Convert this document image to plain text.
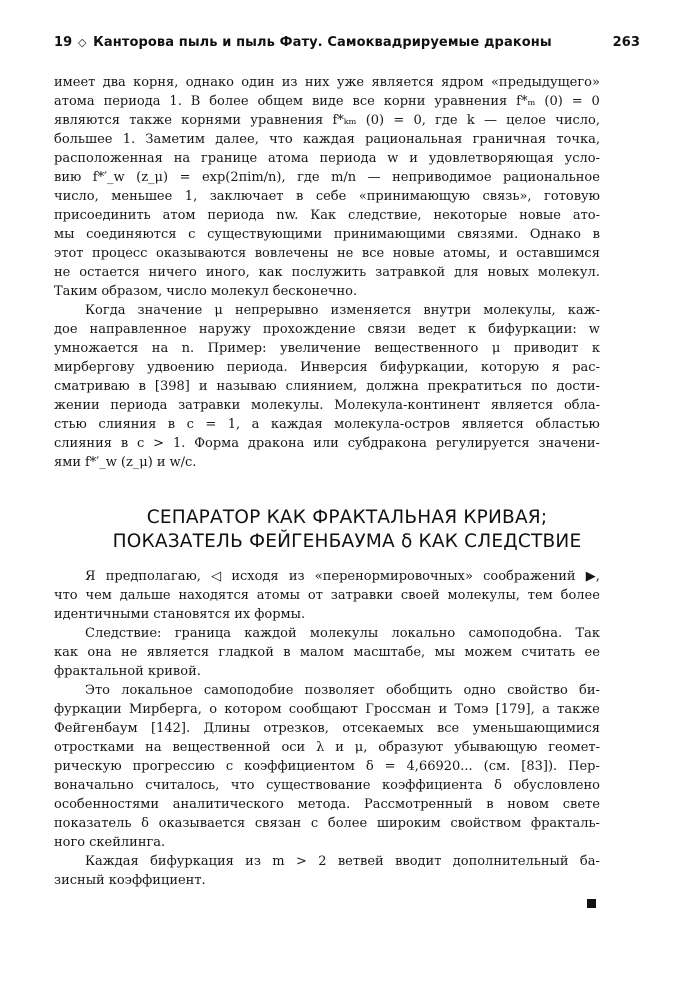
19 ◇ Канторова пыль и пыль Фату. Самоквадрируемые драконы	263
имеет два корня, однако один из них уже является ядром «предыдущего»
атома периода 1. В более общем виде все корни уравнения f*ₘ (0) = 0
являются также корнями уравнения f*ₖₘ (0) = 0, где k — целое число,
большее 1. Заметим далее, что каждая рациональная граничная точка,
расположенная на границе атома периода w и удовлетворяющая усло-
вию f*′_w (z_μ) = exp(2πim/n), где m/n — неприводимое рациональное
число, меньшее 1, заключает в себе «принимающую связь», готовую
присоединить атом периода nw. Как следствие, некоторые новые ато-
мы соединяются с существующими принимающими связями. Однако в
этот процесс оказываются вовлечены не все новые атомы, и оставшимся
не остается ничего иного, как послужить затравкой для новых молекул.
Таким образом, число молекул бесконечно.
Когда значение μ непрерывно изменяется внутри молекулы, каж-
дое направленное наружу прохождение связи ведет к бифуркации: w
умножается на n. Пример: увеличение вещественного μ приводит к
мирбергову удвоению периода. Инверсия бифуркации, которую я рас-
сматриваю в [398] и называю слиянием, должна прекратиться по дости-
жении периода затравки молекулы. Молекула-континент является обла-
стью слияния в c = 1, а каждая молекула-остров является областью
слияния в c > 1. Форма дракона или субдракона регулируется значени-
ями f*′_w (z_μ) и w/c.
СЕПАРАТОР КАК ФРАКТАЛЬНАЯ КРИВАЯ;
ПОКАЗАТЕЛЬ ФЕЙГЕНБАУМА δ КАК СЛЕДСТВИЕ
Я предполагаю, ◁ исходя из «перенормировочных» соображений ▶,
что чем дальше находятся атомы от затравки своей молекулы, тем более
идентичными становятся их формы.
Следствие: граница каждой молекулы локально самоподобна. Так
как она не является гладкой в малом масштабе, мы можем считать ее
фрактальной кривой.
Это локальное самоподобие позволяет обобщить одно свойство би-
фуркации Мирберга, о котором сообщают Гроссман и Томэ [179], а также
Фейгенбаум [142]. Длины отрезков, отсекаемых все уменьшающимися
отростками на вещественной оси λ и μ, образуют убывающую геомет-
рическую прогрессию с коэффициентом δ = 4,66920... (см. [83]). Пер-
воначально считалось, что существование коэффициента δ обусловлено
особенностями аналитического метода. Рассмотренный в новом свете
показатель δ оказывается связан с более широким свойством фракталь-
ного скейлинга.
Каждая бифуркация из m > 2 ветвей вводит дополнительный ба-
зисный коэффициент.
